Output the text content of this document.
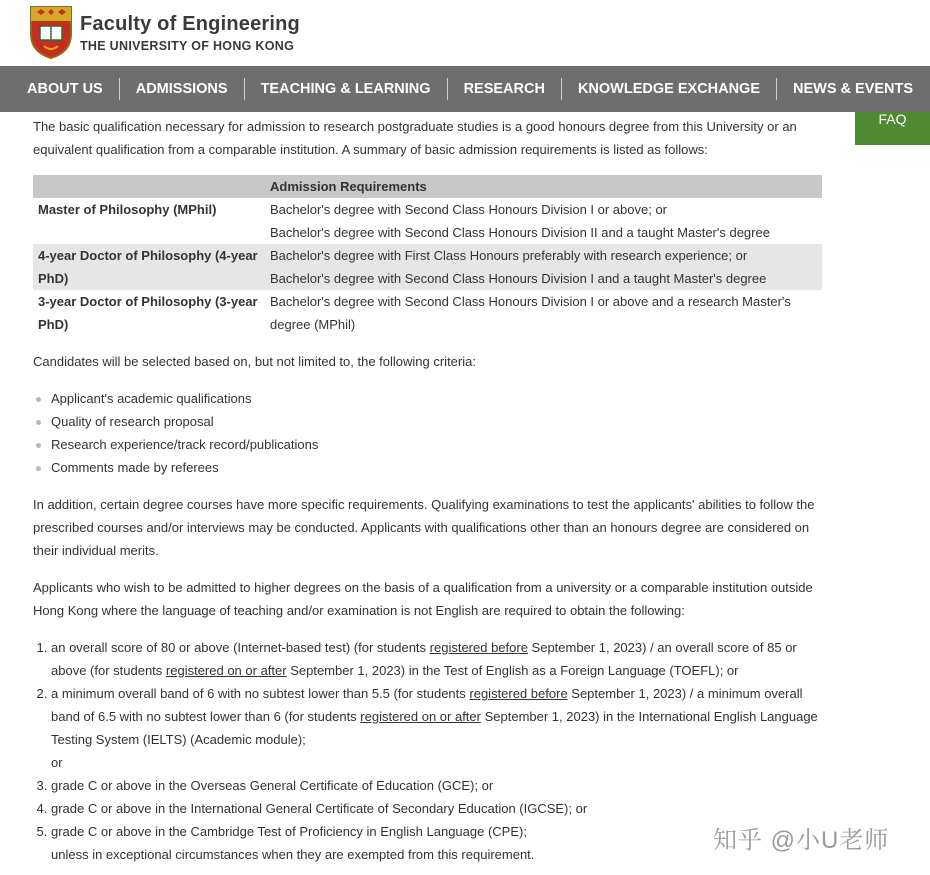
Faculty of Engineering
THE UNIVERSITY OF HONG KONG
ABOUT US	ADMISSIONS	TEACHING & LEARNING	RESEARCH	KNOWLEDGE EXCHANGE	NEWS & EVENTS
FAQ

The basic qualification necessary for admission to research postgraduate studies is a good honours degree from this University or an equivalent qualification from a comparable institution. A summary of basic admission requirements is listed as follows:

	Admission Requirements
Master of Philosophy (MPhil)	Bachelor's degree with Second Class Honours Division I or above; or
Bachelor's degree with Second Class Honours Division II and a taught Master's degree

4-year Doctor of Philosophy (4-year PhD)	Bachelor's degree with First Class Honours preferably with research experience; or
Bachelor's degree with Second Class Honours Division I and a taught Master's degree

3-year Doctor of Philosophy (3-year PhD)	Bachelor's degree with Second Class Honours Division I or above and a research Master's degree (MPhil)

Candidates will be selected based on, but not limited to, the following criteria:

Applicant's academic qualifications
Quality of research proposal
Research experience/track record/publications
Comments made by referees

In addition, certain degree courses have more specific requirements. Qualifying examinations to test the applicants' abilities to follow the prescribed courses and/or interviews may be conducted. Applicants with qualifications other than an honours degree are considered on their individual merits.

Applicants who wish to be admitted to higher degrees on the basis of a qualification from a university or a comparable institution outside Hong Kong where the language of teaching and/or examination is not English are required to obtain the following:

1. an overall score of 80 or above (Internet-based test) (for students registered before September 1, 2023) / an overall score of 85 or above (for students registered on or after September 1, 2023) in the Test of English as a Foreign Language (TOEFL); or
2. a minimum overall band of 6 with no subtest lower than 5.5 (for students registered before September 1, 2023) / a minimum overall band of 6.5 with no subtest lower than 6 (for students registered on or after September 1, 2023) in the International English Language Testing System (IELTS) (Academic module);
or
3. grade C or above in the Overseas General Certificate of Education (GCE); or
4. grade C or above in the International General Certificate of Secondary Education (IGCSE); or
5. grade C or above in the Cambridge Test of Proficiency in English Language (CPE);
unless in exceptional circumstances when they are exempted from this requirement.
知乎 @小U老师
